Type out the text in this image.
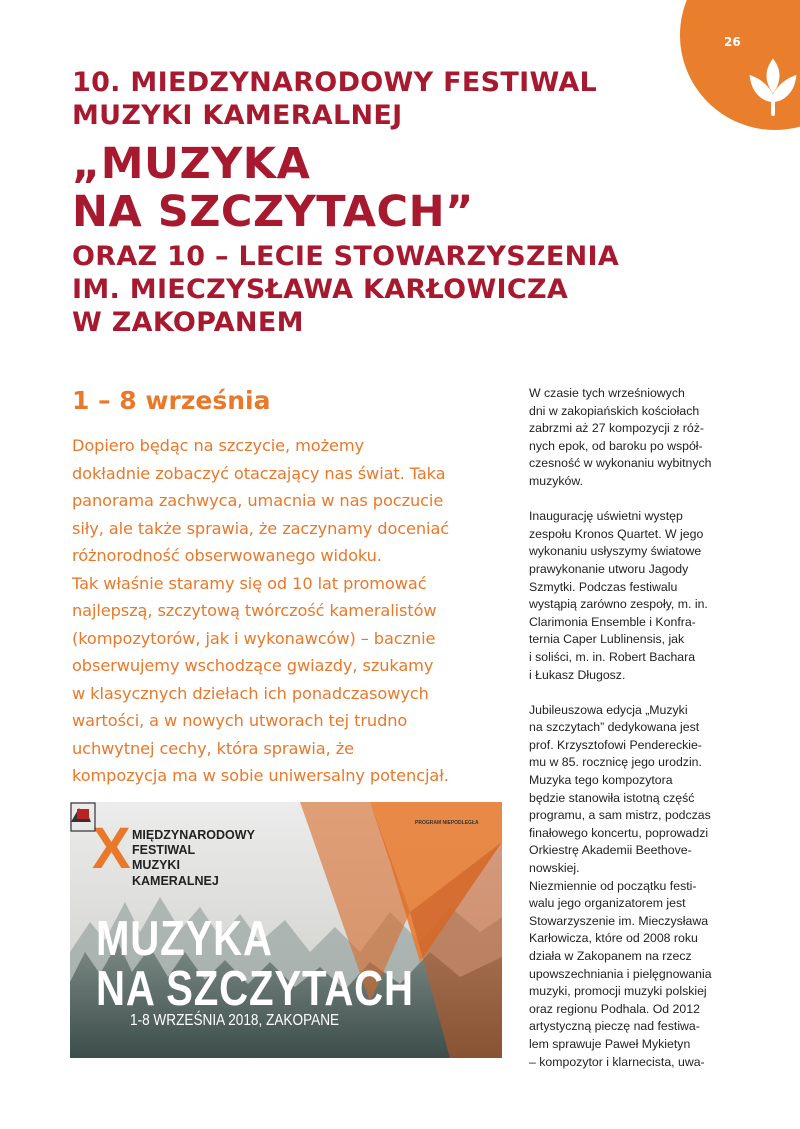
26
10. MIEDZYNARODOWY FESTIWAL
MUZYKI KAMERALNEJ
„MUZYKA
NA SZCZYTACH”
ORAZ 10 – LECIE STOWARZYSZENIA
IM. MIECZYSŁAWA KARŁOWICZA
W ZAKOPANEM
1 – 8 września
Dopiero będąc na szczycie, możemy
dokładnie zobaczyć otaczający nas świat. Taka
panorama zachwyca, umacnia w nas poczucie
siły, ale także sprawia, że zaczynamy doceniać
różnorodność obserwowanego widoku.
Tak właśnie staramy się od 10 lat promować
najlepszą, szczytową twórczość kameralistów
(kompozytorów, jak i wykonawców) – bacznie
obserwujemy wschodzące gwiazdy, szukamy
w klasycznych dziełach ich ponadczasowych
wartości, a w nowych utworach tej trudno
uchwytnej cechy, która sprawia, że
kompozycja ma w sobie uniwersalny potencjał.
W czasie tych wrześniowych
dni w zakopiańskich kościołach
zabrzmi aż 27 kompozycji z róż-
nych epok, od baroku po współ-
czesność w wykonaniu wybitnych
muzyków.
Inaugurację uświetni występ
zespołu Kronos Quartet. W jego
wykonaniu usłyszymy światowe
prawykonanie utworu Jagody
Szmytki. Podczas festiwalu
wystąpią zarówno zespoły, m. in.
Clarimonia Ensemble i Konfra-
ternia Caper Lublinensis, jak
i soliści, m. in. Robert Bachara
i Łukasz Długosz.
Jubileuszowa edycja „Muzyki
na szczytach” dedykowana jest
prof. Krzysztofowi Pendereckie-
mu w 85. rocznicę jego urodzin.
Muzyka tego kompozytora
będzie stanowiła istotną część
programu, a sam mistrz, podczas
finałowego koncertu, poprowadzi
Orkiestrę Akademii Beethove-
nowskiej.
Niezmiennie od początku festi-
walu jego organizatorem jest
Stowarzyszenie im. Mieczysława
Karłowicza, które od 2008 roku
działa w Zakopanem na rzecz
upowszechniania i pielęgnowania
muzyki, promocji muzyki polskiej
oraz regionu Podhala. Od 2012
artystyczną pieczę nad festiwa-
lem sprawuje Paweł Mykietyn
– kompozytor i klarnecista, uwa-
X MIĘDZYNARODOWY
FESTIWAL
MUZYKI
KAMERALNEJ
PROGRAM NIEPODLEGŁA
MUZYKA
NA SZCZYTACH
1-8 WRZEŚNIA 2018, ZAKOPANE
